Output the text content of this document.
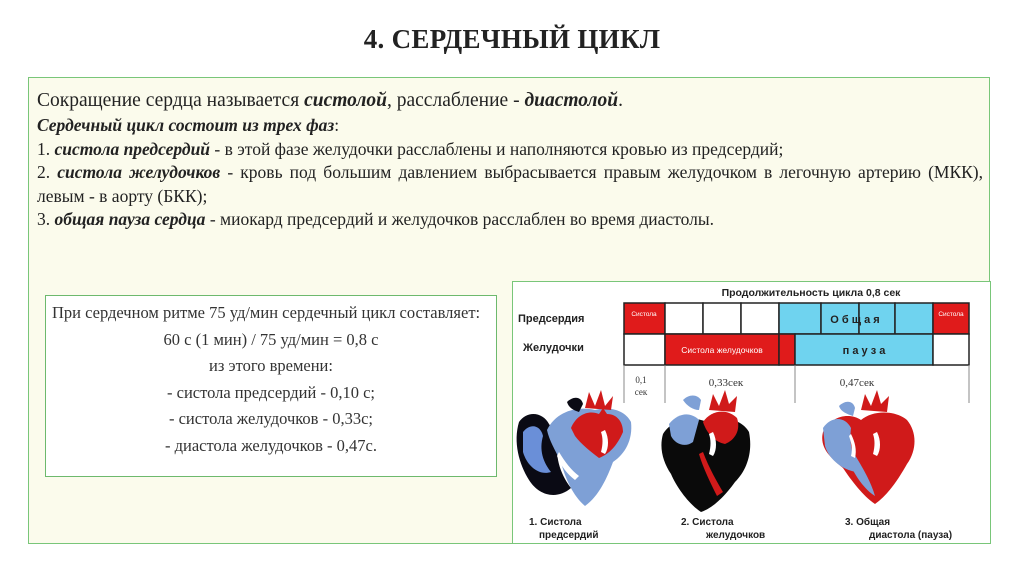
4. СЕРДЕЧНЫЙ ЦИКЛ

Сокращение сердца называется систолой, расслабление - диастолой.

Сердечный цикл состоит из трех фаз:

1. систола предсердий - в этой фазе желудочки расслаблены и наполняются кровью из предсердий;

2. систола желудочков - кровь под большим давлением выбрасывается правым желудочком в легочную артерию (МКК), левым - в аорту (БКК);

3. общая пауза сердца - миокард предсердий и желудочков расслаблен во время диастолы.

При сердечном ритме 75 уд/мин сердечный цикл составляет:
60 с (1 мин) / 75 уд/мин = 0,8 с
из этого времени:
- систола предсердий - 0,10 с;
- систола желудочков - 0,33с;
- диастола желудочков - 0,47с.
Продолжительность цикла 0,8 сек
Предсердия
Желудочки
Систола	О б щ а я	Систола
Систола желудочков	п а у з а
0,1
сек
0,33сек	0,47сек
1. Систола
предсердий
2. Систола
желудочков
3. Общая
диастола (пауза)
